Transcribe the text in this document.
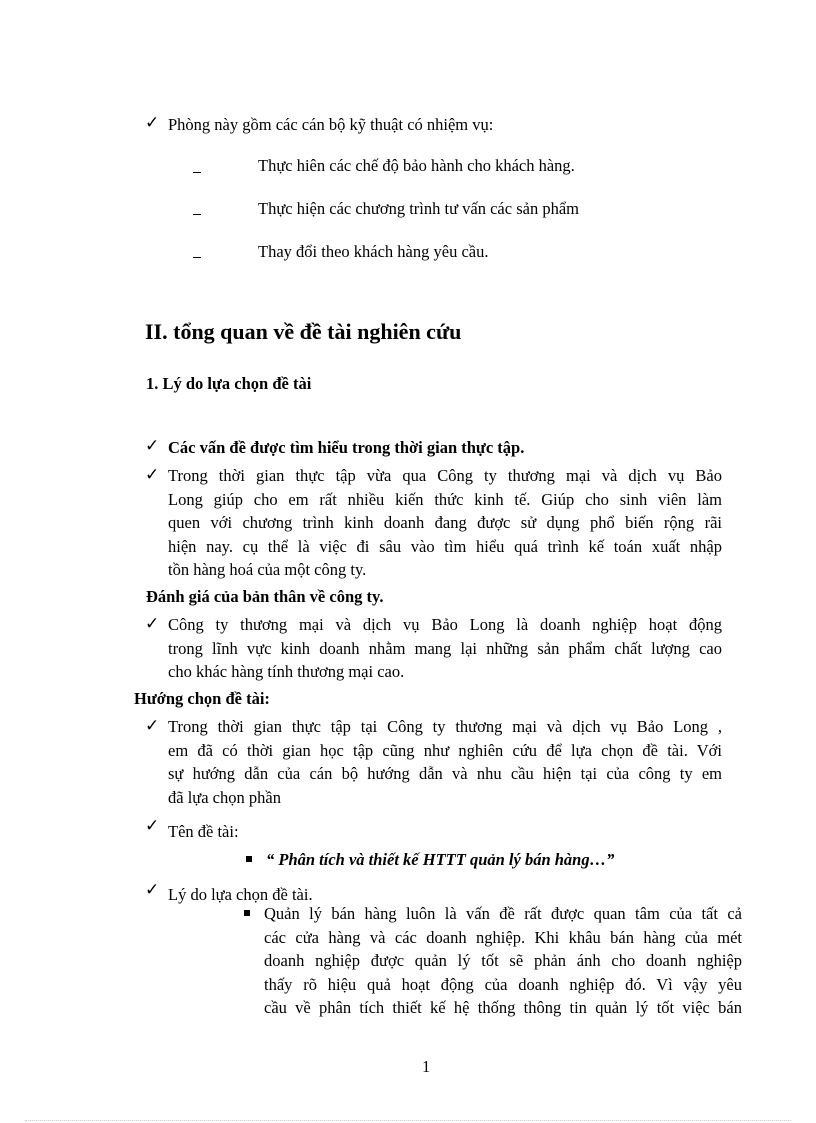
✓ Phòng này gồm các cán bộ kỹ thuật có nhiệm vụ:
Thực hiên các chế độ bảo hành cho khách hàng.
Thực hiện các chương trình tư vấn các sản phẩm
Thay đổi theo khách hàng yêu cầu.
II. tổng quan về đề tài nghiên cứu
1. Lý do lựa chọn đề tài
✓ Các vấn đề được tìm hiểu trong thời gian thực tập.
✓ Trong thời gian thực tập vừa qua Công ty thương mại và dịch vụ Bảo
Long giúp cho em rất nhiều kiến thức kinh tế. Giúp cho sinh viên làm
quen với chương trình kinh doanh đang được sử dụng phổ biến rộng rãi
hiện nay. cụ thể là việc đi sâu vào tìm hiểu quá trình kế toán xuất nhập
tồn hàng hoá của một công ty.
Đánh giá của bản thân về công ty.
✓ Công ty thương mại và dịch vụ Bảo Long là doanh nghiệp hoạt động
trong lĩnh vực kinh doanh nhằm mang lại những sản phẩm chất lượng cao
cho khác hàng tính thương mại cao.
Hướng chọn đề tài:
✓ Trong thời gian thực tập tại Công ty thương mại và dịch vụ Bảo Long ,
em đã có thời gian học tập cũng như nghiên cứu để lựa chọn đề tài. Với
sự hướng dẫn của cán bộ hướng dẫn và nhu cầu hiện tại của công ty em
đã lựa chọn phần
✓ Tên đề tài:
“ Phân tích và thiết kế HTTT quản lý bán hàng…”
✓ Lý do lựa chọn đề tài.
Quản lý bán hàng luôn là vấn đề rất được quan tâm của tất cả
các cửa hàng và các doanh nghiệp. Khi khâu bán hàng của mét
doanh nghiệp được quản lý tốt sẽ phản ánh cho doanh nghiệp
thấy rõ hiệu quả hoạt động của doanh nghiệp đó. Vì vậy yêu
cầu về phân tích thiết kế hệ thống thông tin quản lý tốt việc bán
1
